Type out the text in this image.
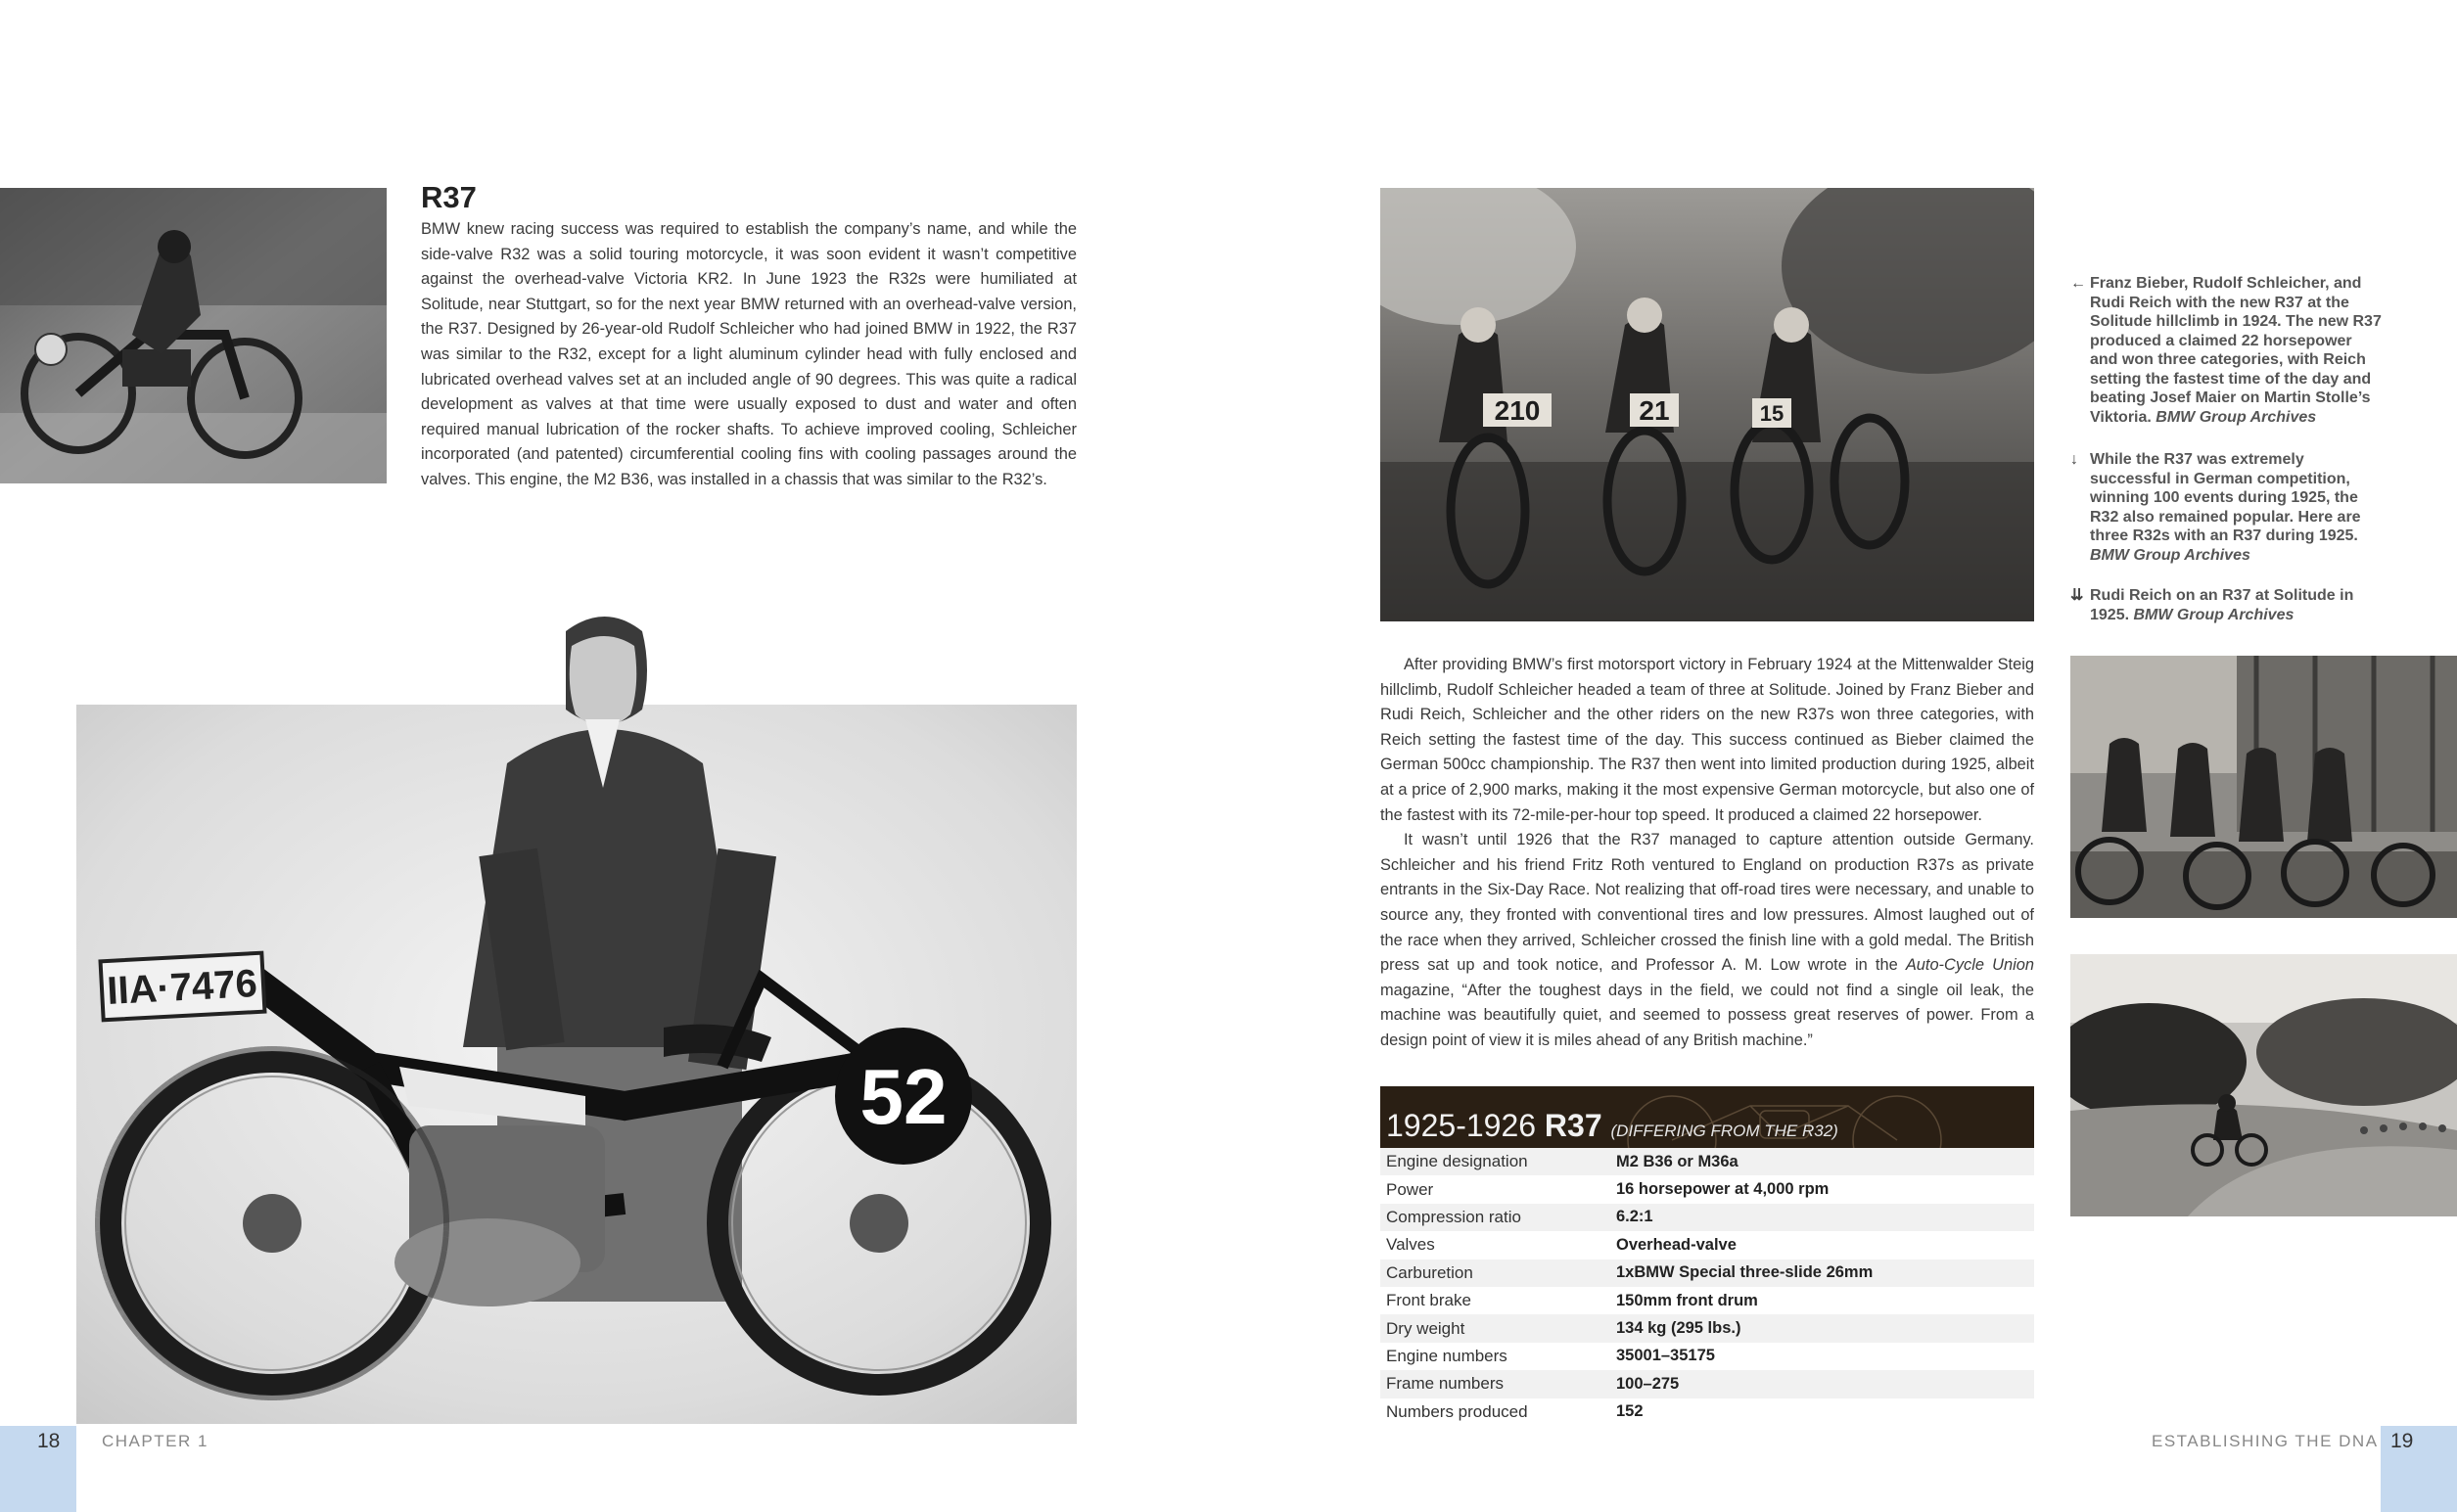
R37

BMW knew racing success was required to establish the company’s name, and while the side-valve R32 was a solid touring motorcycle, it was soon evident it wasn’t competitive against the overhead-valve Victoria KR2. In June 1923 the R32s were humiliated at Solitude, near Stuttgart, so for the next year BMW returned with an overhead-valve version, the R37. Designed by 26-year-old Rudolf Schleicher who had joined BMW in 1922, the R37 was similar to the R32, except for a light aluminum cylinder head with fully enclosed and lubricated overhead valves set at an included angle of 90 degrees. This was quite a radical development as valves at that time were usually exposed to dust and water and often required manual lubrication of the rocker shafts. To achieve improved cooling, Schleicher incorporated (and patented) circumferential cooling fins with cooling passages around the valves. This engine, the M2 B36, was installed in a chassis that was similar to the R32’s.

IIA·7476
52
18	CHAPTER 1
210	21	15
← Franz Bieber, Rudolf Schleicher, and Rudi Reich with the new R37 at the Solitude hillclimb in 1924. The new R37 produced a claimed 22 horsepower and won three categories, with Reich setting the fastest time of the day and beating Josef Maier on Martin Stolle’s Viktoria. BMW Group Archives
↓ While the R37 was extremely successful in German competition, winning 100 events during 1925, the R32 also remained popular. Here are three R32s with an R37 during 1925. BMW Group Archives
⇊ Rudi Reich on an R37 at Solitude in 1925. BMW Group Archives

After providing BMW’s first motorsport victory in February 1924 at the Mittenwalder Steig hillclimb, Rudolf Schleicher headed a team of three at Solitude. Joined by Franz Bieber and Rudi Reich, Schleicher and the other riders on the new R37s won three categories, with Reich setting the fastest time of the day. This success continued as Bieber claimed the German 500cc championship. The R37 then went into limited production during 1925, albeit at a price of 2,900 marks, making it the most expensive German motorcycle, but also one of the fastest with its 72-mile-per-hour top speed. It produced a claimed 22 horsepower.

It wasn’t until 1926 that the R37 managed to capture attention outside Germany. Schleicher and his friend Fritz Roth ventured to England on production R37s as private entrants in the Six-Day Race. Not realizing that off-road tires were necessary, and unable to source any, they fronted with conventional tires and low pressures. Almost laughed out of the race when they arrived, Schleicher crossed the finish line with a gold medal. The British press sat up and took notice, and Professor A. M. Low wrote in the Auto-Cycle Union magazine, “After the toughest days in the field, we could not find a single oil leak, the machine was beautifully quiet, and seemed to possess great reserves of power. From a design point of view it is miles ahead of any British machine.”

1925-1926 R37 (DIFFERING FROM THE R32)
Engine designation	M2 B36 or M36a
Power	16 horsepower at 4,000 rpm
Compression ratio	6.2:1
Valves	Overhead-valve
Carburetion	1xBMW Special three-slide 26mm
Front brake	150mm front drum
Dry weight	134 kg (295 lbs.)
Engine numbers	35001–35175
Frame numbers	100–275
Numbers produced	152
ESTABLISHING THE DNA 19
